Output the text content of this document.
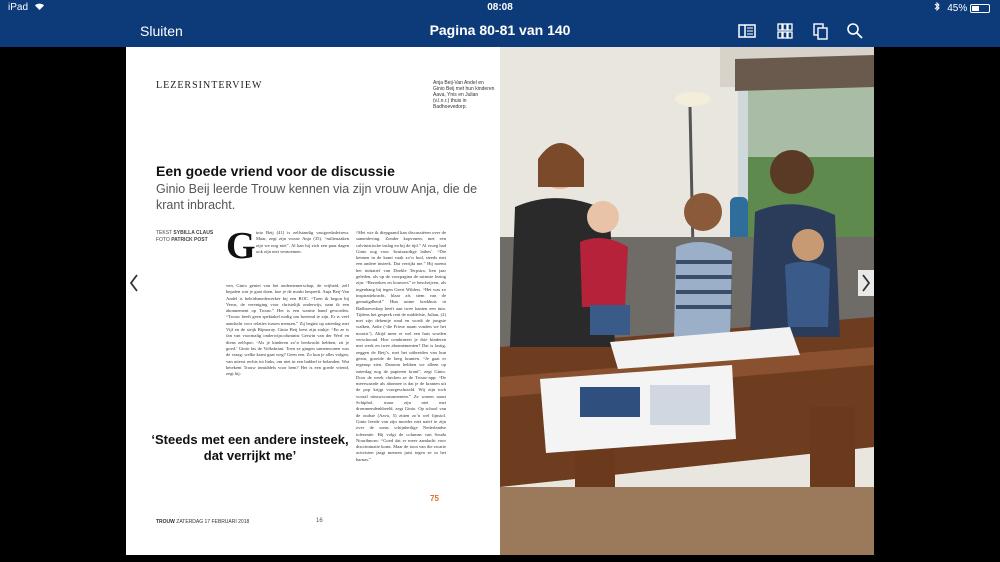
iPad	08:08	45%
Sluiten	Pagina 80-81 van 140
LEZERSINTERVIEW	Anja Beij-Van Andel en Ginio Beij met hun kinderen Aava, Ynis en Julian (v.l.n.r.) thuis in Badhoevedorp.
Een goede vriend voor de discussie
Ginio Beij leerde Trouw kennen via zijn vrouw Anja, die de krant inbracht.
TEKST SYBILLA CLAUS
FOTO PATRICK POST G inio Beij (41) is zelfstandig vastgoedadviseur. Maar, zegt zijn vrouw Anja (35), “milieuzaken zijn we nog niet”. Al kan hij zich een paar dagen ook zijn niet vernoemen.
ven, Ginio geniet van het ondernemerschap, de vrijheid, zelf bepalen wat je gaat doen, hoe je de markt bespeelt. Anja Beij-Van Andel is beleidsmedewerker bij een ROC. “Toen ik begon bij Verus, de vereniging voor christelijk onderwijs, nam ik een abonnement op Trouw.” Het is een warme band geworden. “Trouw heeft geen spektakel nodig om boeiend te zijn. Er is veel aandacht voor relaties tussen mensen.” Zij begint op zaterdag met Vijf en de strijk Bijmoray. Ginio Beij leest zijn stukje. “En ze is fan van voormalig onderwijscolumnist Gerwin van der Werf en diens zelfspot: ‘Als je kinderen zo’n leerkracht hebben, zit je goed.’ Ginio las de Volkskrant. Toen ze gingen samenwonen was de vraag: welke krant gaat weg? Geen een. Zo kun je alles volgen, van uiterst rechts tot links, om niet in een bubbel te belanden. Wat betekent Trouw inmiddels voor hem? Het is een goede vriend, zegt hij:
“Met wie ik diepgaand kan discussiëren over de samenleving. Zonder kopvonen, met een calvinistische inslag en bij de tijd.” Al vroeg had Ginio oog voor ‘kruisaardige lathes’. “Die kennen in de krant vaak zo’n bod, steeds met een andere insteek. Dat verrijkt me.” Hij noemt het initiatief van Doekle Terpstra, lien jaar geleden, als op de voorpagina de ruimste lezing zijn: “Bezoeken en bouwers” te beschrijven, als tegenhang bij tegen Geert Wilders. “Het was zo inspiratiekracht, blaar als stem van de gematigdheid.” Hun ruime boekhuis in Badhoevedorp heeft aan twee kanten een tuin. Tijdens het gesprek rent de middelste, Julian, (2) met zijn dekentje rond en wordt de jongste walken, Anke (‘die Friese naam vonden we het mooist’). Altijd meer er wel een huis worden verschoond. Hoe combineert je drie kinderen met werk en twee abonnementen? Dat is lastig, zeggen de Beij’s, met het uitbreiden van hun gezin, groeide de berg kranten. “Je gaat er tegenop zien. Daarom hebben we alleen op zaterdag nog de papieren krant”, zegt Ginio. Door de week checken ze de Trouw-app: “De meerwaarde als abonnee is dat je de kranten uit de pop krijgt voorgeschoteld. Wij zijn toch vooral nieuwsconsumenten.” Ze wonen naast Schiphol, maar zijn niet met drommendenkbeeld, zegt Ginio. Op school van de oudste (Aava, 5) zitten zo’n wel lijnstol. Ginio leerde van zijn moeder niet naïef te zijn over de soms schijnheilige Nederlandse tolerantie. Hij volgt de columns van Souda Nouribnonc: “Goed dat er meer aandacht voor discriminatie komt. Maar de toon van die zwarte activisten jaagt mensen juist tegen ze in het harnas.”
75
‘Steeds met een andere insteek, dat verrijkt me’
TROUW ZATERDAG 17 FEBRUARI 2018	16
